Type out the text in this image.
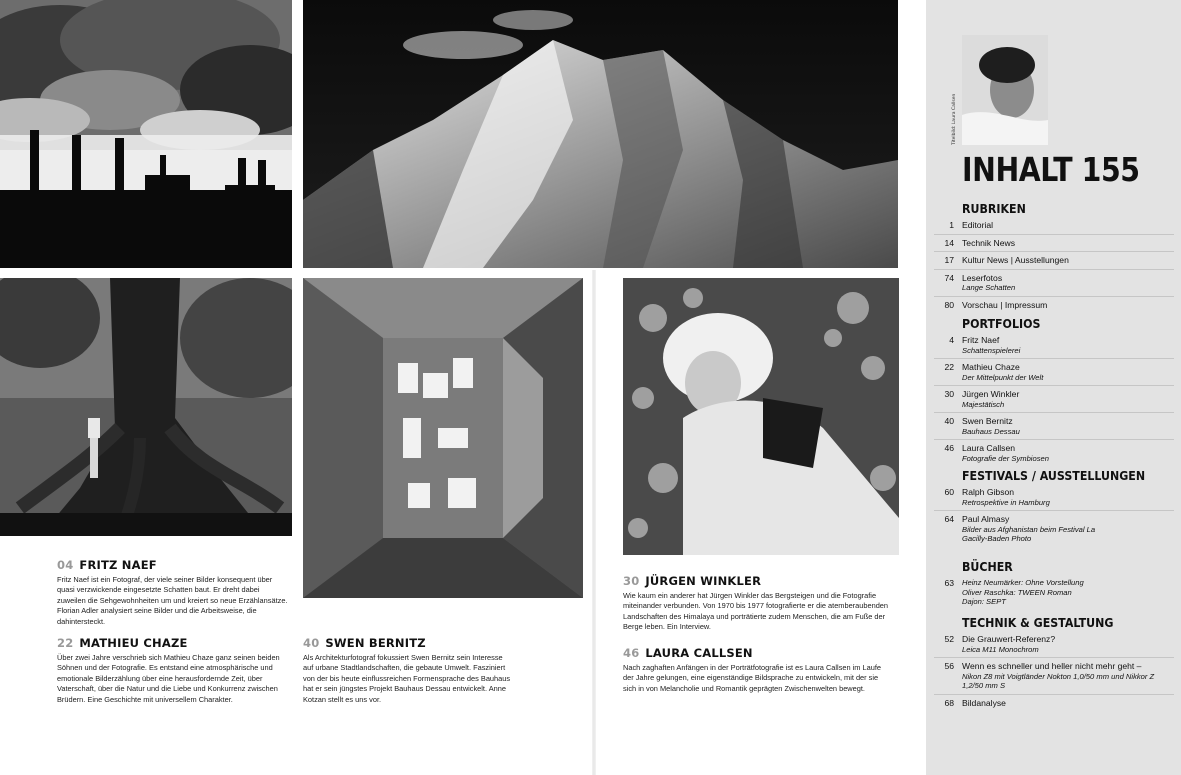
04 FRITZ NAEF
Fritz Naef ist ein Fotograf, der viele seiner Bilder konsequent über quasi verzwickende eingesetzte Schatten baut. Er dreht dabei zuweilen die Sehgewohnheiten um und kreiert so neue Erzählansätze. Florian Adler analysiert seine Bilder und die Arbeitsweise, die dahintersteckt.
22 MATHIEU CHAZE
Über zwei Jahre verschrieb sich Mathieu Chaze ganz seinen beiden Söhnen und der Fotografie. Es entstand eine atmosphärische und emotionale Bilderzählung über eine herausfordernde Zeit, über Vaterschaft, über die Natur und die Liebe und Konkurrenz zwischen Brüdern. Eine Geschichte mit universellem Charakter.
40 SWEN BERNITZ
Als Architekturfotograf fokussiert Swen Bernitz sein Interesse auf urbane Stadtlandschaften, die gebaute Umwelt. Fasziniert von der bis heute einflussreichen Formensprache des Bauhaus hat er sein jüngstes Projekt Bauhaus Dessau entwickelt. Anne Kotzan stellt es uns vor.
30 JÜRGEN WINKLER
Wie kaum ein anderer hat Jürgen Winkler das Bergsteigen und die Fotografie miteinander verbunden. Von 1970 bis 1977 fotografierte er die atemberaubenden Landschaften des Himalaya und porträtierte zudem Menschen, die am Fuße der Berge leben. Ein Interview.
46 LAURA CALLSEN
Nach zaghaften Anfängen in der Porträtfotografie ist es Laura Callsen im Laufe der Jahre gelungen, eine eigenständige Bildsprache zu entwickeln, mit der sie sich in von Melancholie und Romantik geprägten Zwischenwelten bewegt.
Titelbild: Laura Callsen
INHALT 155
RUBRIKEN
1 Editorial
14 Technik News
17 Kultur News | Ausstellungen
74 Leserfotos
Lange Schatten
80 Vorschau | Impressum
PORTFOLIOS
4 Fritz Naef
Schattenspielerei
22 Mathieu Chaze
Der Mittelpunkt der Welt
30 Jürgen Winkler
Majestätisch
40 Swen Bernitz
Bauhaus Dessau
46 Laura Callsen
Fotografie der Symbiosen
FESTIVALS / AUSSTELLUNGEN
60 Ralph Gibson
Retrospektive in Hamburg
64 Paul Almasy
Bilder aus Afghanistan beim Festival La Gacilly-Baden Photo
BÜCHER
63 Heinz Neumärker: Ohne Vorstellung Oliver Raschka: TWEEN Roman Dajon: SEPT
TECHNIK & GESTALTUNG
52 Die Grauwert-Referenz?
Leica M11 Monochrom
56 Wenn es schneller und heller nicht mehr geht –
Nikon Z8 mit Voigtländer Nokton 1,0/50 mm und Nikkor Z 1,2/50 mm S
68 Bildanalyse
